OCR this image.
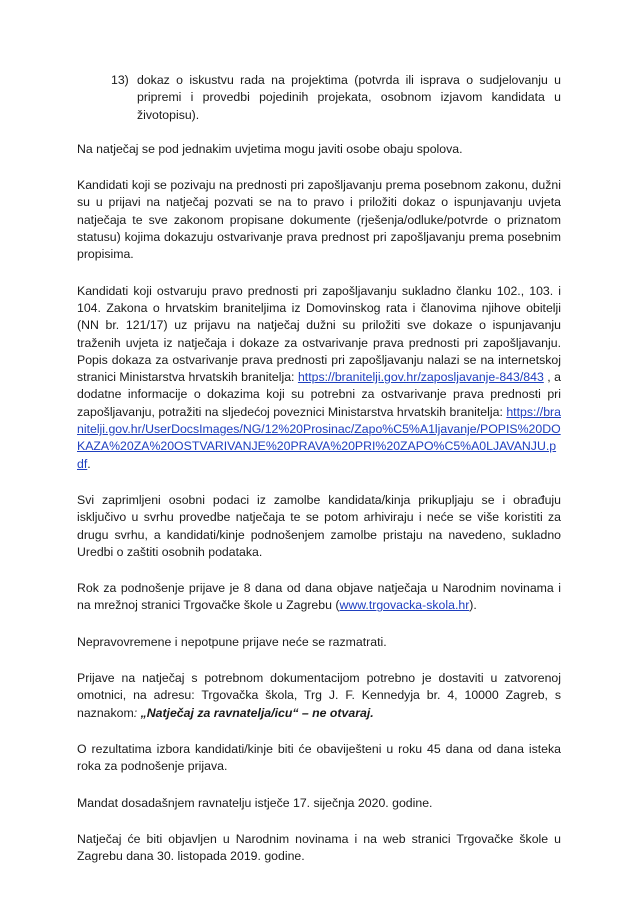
13) dokaz o iskustvu rada na projektima (potvrda ili isprava o sudjelovanju u pripremi i provedbi pojedinih projekata, osobnom izjavom kandidata u životopisu).

Na natječaj se pod jednakim uvjetima mogu javiti osobe obaju spolova.

Kandidati koji se pozivaju na prednosti pri zapošljavanju prema posebnom zakonu, dužni su u prijavi na natječaj pozvati se na to pravo i priložiti dokaz o ispunjavanju uvjeta natječaja te sve zakonom propisane dokumente (rješenja/odluke/potvrde o priznatom statusu) kojima dokazuju ostvarivanje prava prednost pri zapošljavanju prema posebnim propisima.

Kandidati koji ostvaruju pravo prednosti pri zapošljavanju sukladno članku 102., 103. i 104. Zakona o hrvatskim braniteljima iz Domovinskog rata i članovima njihove obitelji (NN br. 121/17) uz prijavu na natječaj dužni su priložiti sve dokaze o ispunjavanju traženih uvjeta iz natječaja i dokaze za ostvarivanje prava prednosti pri zapošljavanju. Popis dokaza za ostvarivanje prava prednosti pri zapošljavanju nalazi se na internetskoj stranici Ministarstva hrvatskih branitelja: https://branitelji.gov.hr/zaposljavanje-843/843 , a dodatne informacije o dokazima koji su potrebni za ostvarivanje prava prednosti pri zapošljavanju, potražiti na sljedećoj poveznici Ministarstva hrvatskih branitelja: https://branitelji.gov.hr/UserDocsImages/NG/12%20Prosinac/Zapo%C5%A1ljavanje/POPIS%20DOKAZA%20ZA%20OSTVARIVANJE%20PRAVA%20PRI%20ZAPO%C5%A0LJAVANJU.pdf.

Svi zaprimljeni osobni podaci iz zamolbe kandidata/kinja prikupljaju se i obrađuju isključivo u svrhu provedbe natječaja te se potom arhiviraju i neće se više koristiti za drugu svrhu, a kandidati/kinje podnošenjem zamolbe pristaju na navedeno, sukladno Uredbi o zaštiti osobnih podataka.

Rok za podnošenje prijave je 8 dana od dana objave natječaja u Narodnim novinama i na mrežnoj stranici Trgovačke škole u Zagrebu (www.trgovacka-skola.hr).

Nepravovremene i nepotpune prijave neće se razmatrati.

Prijave na natječaj s potrebnom dokumentacijom potrebno je dostaviti u zatvorenoj omotnici, na adresu: Trgovačka škola, Trg J. F. Kennedyja br. 4, 10000 Zagreb, s naznakom: „Natječaj za ravnatelja/icu“ – ne otvaraj.

O rezultatima izbora kandidati/kinje biti će obaviješteni u roku 45 dana od dana isteka roka za podnošenje prijava.

Mandat dosadašnjem ravnatelju istječe 17. siječnja 2020. godine.

Natječaj će biti objavljen u Narodnim novinama i na web stranici Trgovačke škole u Zagrebu dana 30. listopada 2019. godine.
